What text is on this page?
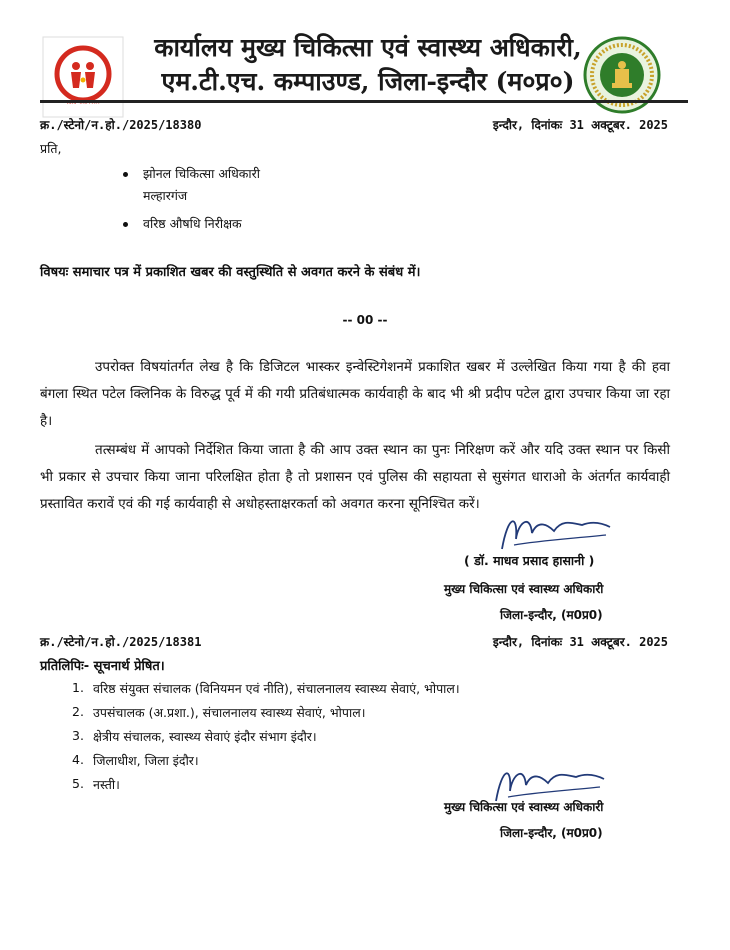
स्वस्थ भारत मिशन
कार्यालय मुख्य चिकित्सा एवं स्वास्थ्य अधिकारी,
एम.टी.एच. कम्पाउण्ड, जिला-इन्दौर (म०प्र०)
क्र./स्टेनो/न.हो./2025/18380	इन्दौर, दिनांकः 31 अक्टूबर. 2025
प्रति,
झोनल चिकित्सा अधिकारी
मल्हारगंज
वरिष्ठ औषधि निरीक्षक
विषयः समाचार पत्र में प्रकाशित खबर की वस्तुस्थिति से अवगत करने के संबंध में।
-- 00 --
उपरोक्त विषयांतर्गत लेख है कि डिजिटल भास्कर इन्वेस्टिगेशनमें प्रकाशित खबर में उल्लेखित किया गया है की हवा बंगला स्थित पटेल क्लिनिक के विरुद्ध पूर्व में की गयी प्रतिबंधात्मक कार्यवाही के बाद भी श्री प्रदीप पटेल द्वारा उपचार किया जा रहा है।
तत्सम्बंध में आपको निर्देशित किया जाता है की आप उक्त स्थान का पुनः निरिक्षण करें और यदि उक्त स्थान पर किसी भी प्रकार से उपचार किया जाना परिलक्षित होता है तो प्रशासन एवं पुलिस की सहायता से सुसंगत धाराओ के अंतर्गत कार्यवाही प्रस्तावित करावें एवं की गई कार्यवाही से अधोहस्ताक्षरकर्ता को अवगत करना सूनिश्चित करें।
( डॉ. माधव प्रसाद हासानी )
मुख्य चिकित्सा एवं स्वास्थ्य अधिकारी
जिला-इन्दौर, (म0प्र0)
क्र./स्टेनो/न.हो./2025/18381	इन्दौर, दिनांकः 31 अक्टूबर. 2025
प्रतिलिपिः- सूचनार्थ प्रेषित।
1. वरिष्ठ संयुक्त संचालक (विनियमन एवं नीति), संचालनालय स्वास्थ्य सेवाएं, भोपाल।
2. उपसंचालक (अ.प्रशा.), संचालनालय स्वास्थ्य सेवाएं, भोपाल।
3. क्षेत्रीय संचालक, स्वास्थ्य सेवाएं इंदौर संभाग इंदौर।
4. जिलाधीश, जिला इंदौर।
5. नस्ती।
मुख्य चिकित्सा एवं स्वास्थ्य अधिकारी
जिला-इन्दौर, (म0प्र0)
